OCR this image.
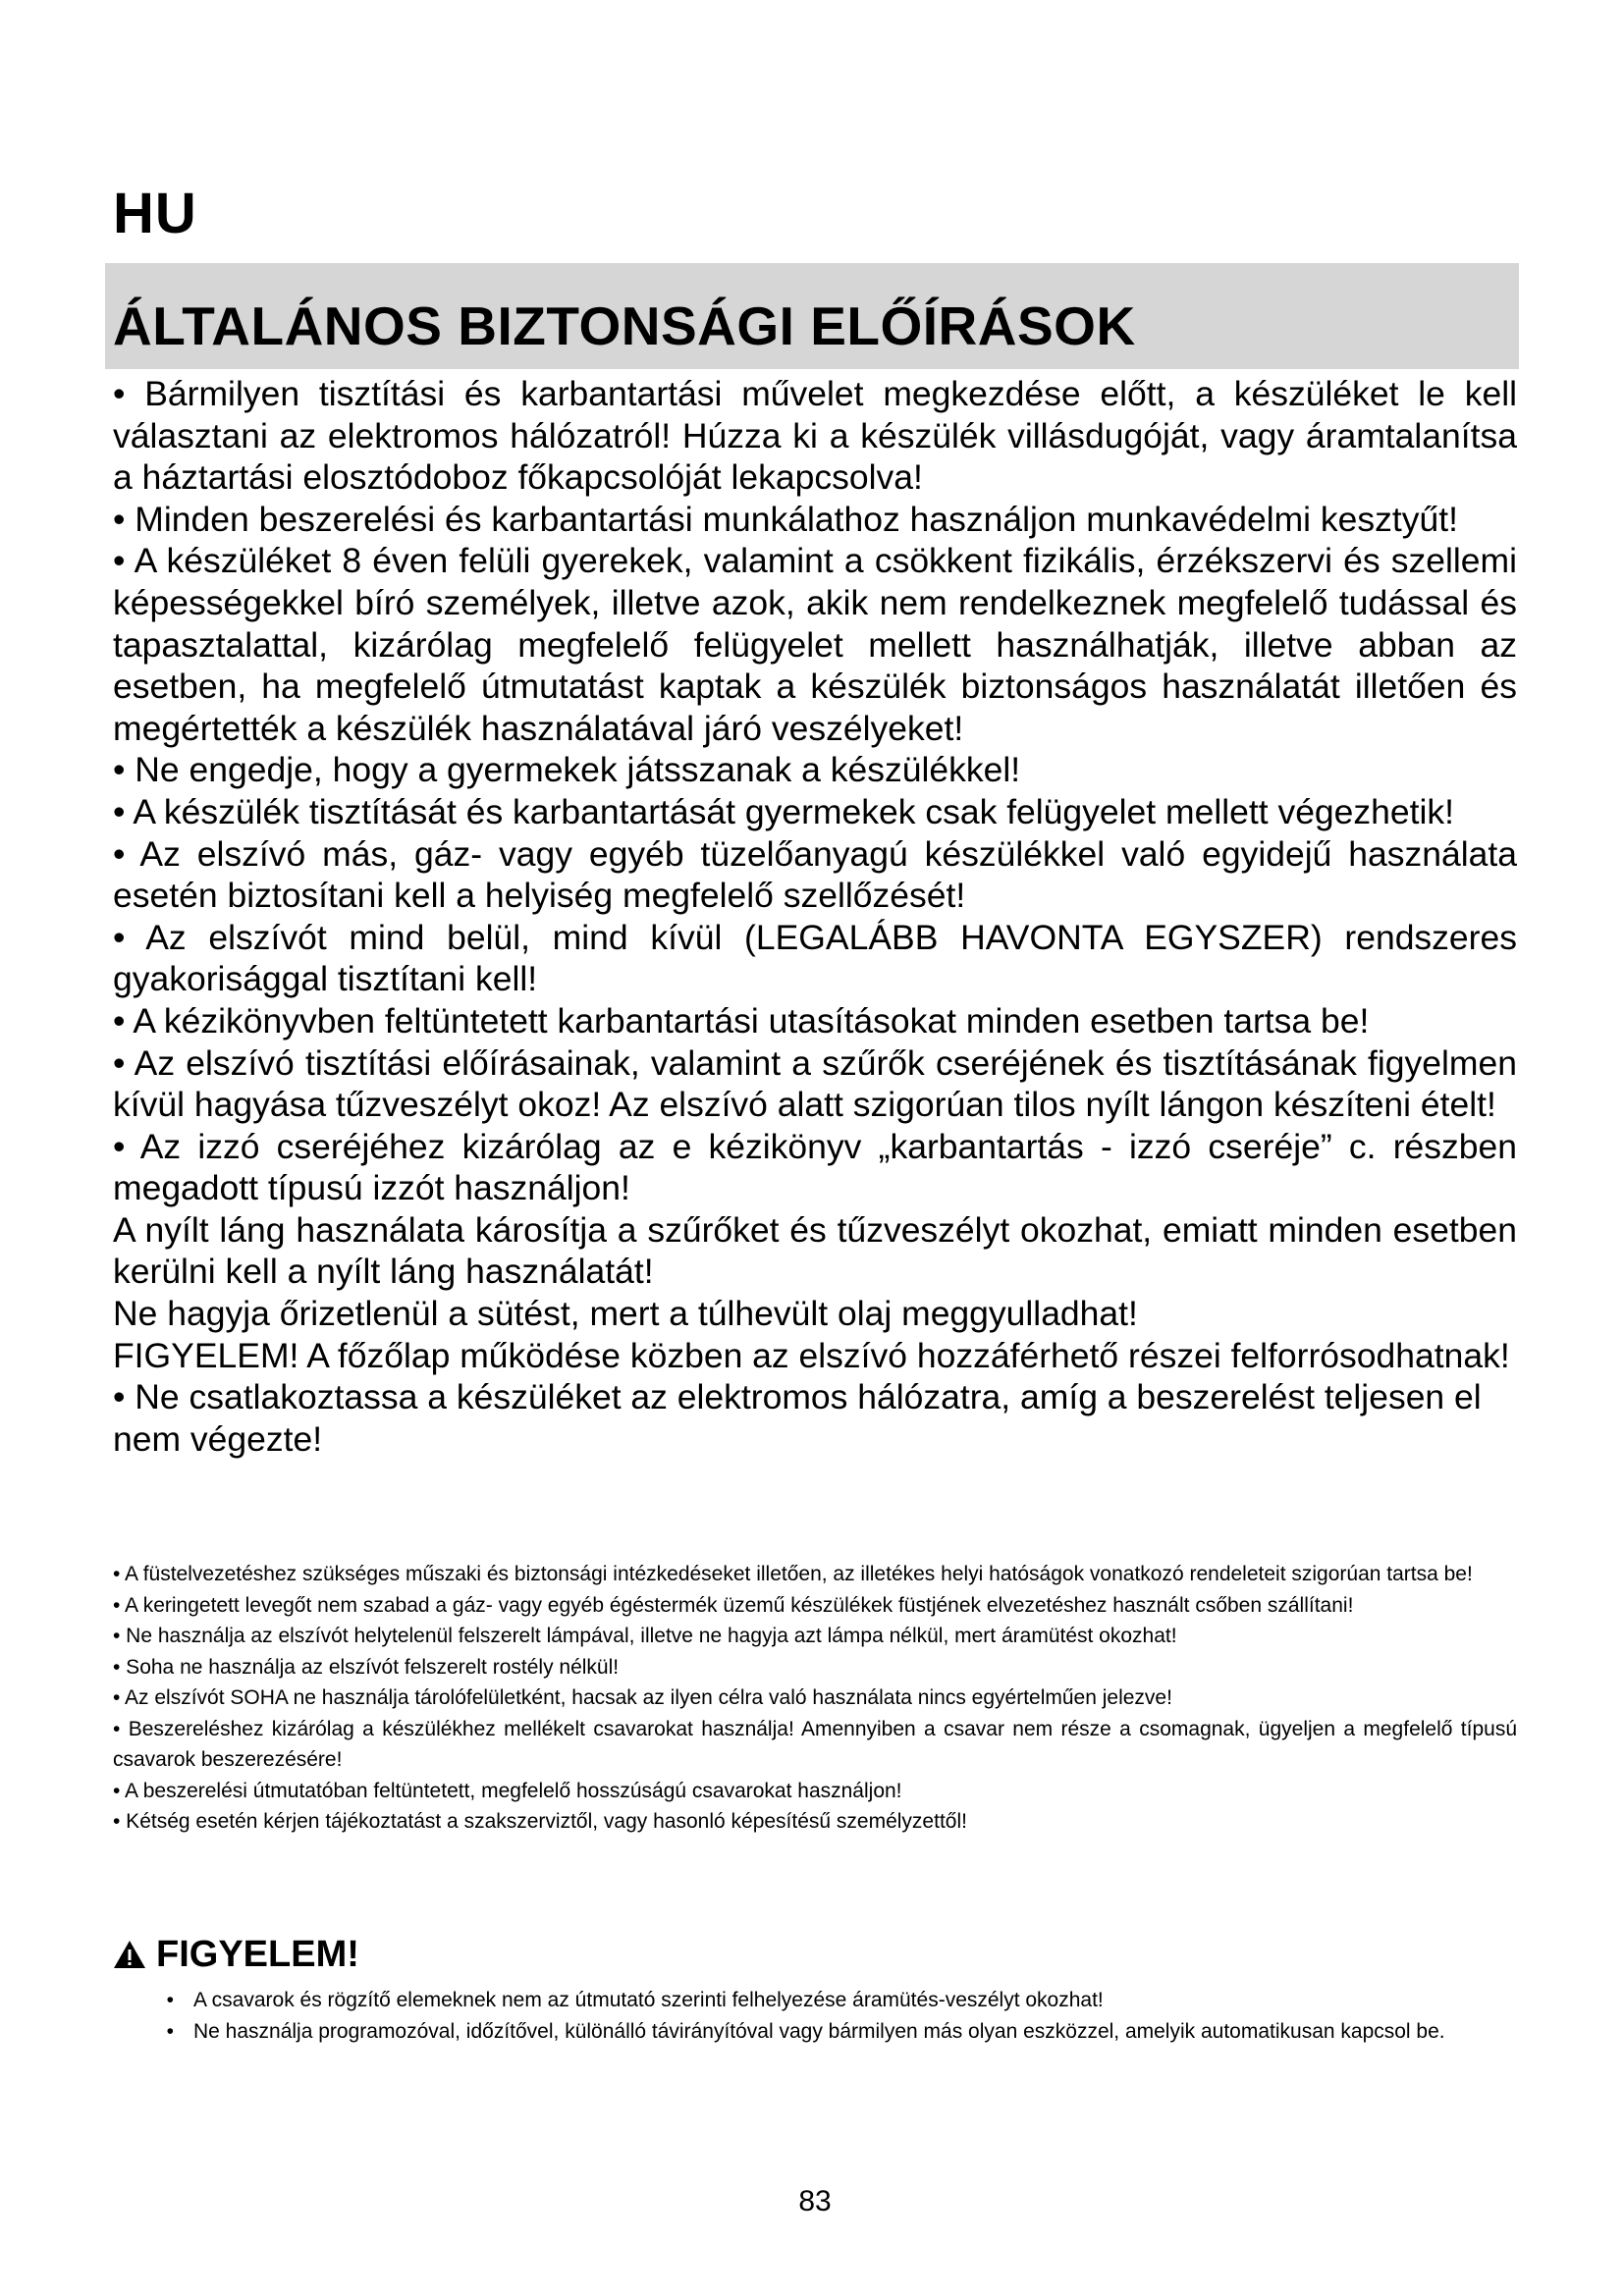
HU
ÁLTALÁNOS BIZTONSÁGI ELŐÍRÁSOK

• Bármilyen tisztítási és karbantartási művelet megkezdése előtt, a készüléket le kell választani az elektromos hálózatról! Húzza ki a készülék villásdugóját, vagy áramtalanítsa a háztartási elosztódoboz főkapcsolóját lekapcsolva!

• Minden beszerelési és karbantartási munkálathoz használjon munkavédelmi kesztyűt!

• A készüléket 8 éven felüli gyerekek, valamint a csökkent fizikális, érzékszervi és szellemi képességekkel bíró személyek, illetve azok, akik nem rendelkeznek megfelelő tudással és tapasztalattal, kizárólag megfelelő felügyelet mellett használhatják, illetve abban az esetben, ha megfelelő útmutatást kaptak a készülék biztonságos használatát illetően és megértették a készülék használatával járó veszélyeket!

• Ne engedje, hogy a gyermekek játsszanak a készülékkel!

• A készülék tisztítását és karbantartását gyermekek csak felügyelet mellett végezhetik!

• Az elszívó más, gáz- vagy egyéb tüzelőanyagú készülékkel való egyidejű használata esetén biztosítani kell a helyiség megfelelő szellőzését!

• Az elszívót mind belül, mind kívül (LEGALÁBB HAVONTA EGYSZER) rendszeres gyakorisággal tisztítani kell!

• A kézikönyvben feltüntetett karbantartási utasításokat minden esetben tartsa be!

• Az elszívó tisztítási előírásainak, valamint a szűrők cseréjének és tisztításának figyelmen kívül hagyása tűzveszélyt okoz! Az elszívó alatt szigorúan tilos nyílt lángon készíteni ételt!

• Az izzó cseréjéhez kizárólag az e kézikönyv „karbantartás - izzó cseréje” c. részben megadott típusú izzót használjon!

A nyílt láng használata károsítja a szűrőket és tűzveszélyt okozhat, emiatt minden esetben kerülni kell a nyílt láng használatát!

Ne hagyja őrizetlenül a sütést, mert a túlhevült olaj meggyulladhat!

FIGYELEM! A főzőlap működése közben az elszívó hozzáférhető részei felforrósodhatnak!

• Ne csatlakoztassa a készüléket az elektromos hálózatra, amíg a beszerelést teljesen el nem végezte!

• A füstelvezetéshez szükséges műszaki és biztonsági intézkedéseket illetően, az illetékes helyi hatóságok vonatkozó rendeleteit szigorúan tartsa be!

• A keringetett levegőt nem szabad a gáz- vagy egyéb égéstermék üzemű készülékek füstjének elvezetéshez használt csőben szállítani!

• Ne használja az elszívót helytelenül felszerelt lámpával, illetve ne hagyja azt lámpa nélkül, mert áramütést okozhat!

• Soha ne használja az elszívót felszerelt rostély nélkül!

• Az elszívót SOHA ne használja tárolófelületként, hacsak az ilyen célra való használata nincs egyértelműen jelezve!

• Beszereléshez kizárólag a készülékhez mellékelt csavarokat használja! Amennyiben a csavar nem része a csomagnak, ügyeljen a megfelelő típusú csavarok beszerezésére!

• A beszerelési útmutatóban feltüntetett, megfelelő hosszúságú csavarokat használjon!

• Kétség esetén kérjen tájékoztatást a szakszerviztől, vagy hasonló képesítésű személyzettől!

FIGYELEM!
• A csavarok és rögzítő elemeknek nem az útmutató szerinti felhelyezése áramütés-veszélyt okozhat!
• Ne használja programozóval, időzítővel, különálló távirányítóval vagy bármilyen más olyan eszközzel, amelyik automatikusan kapcsol be.
83
